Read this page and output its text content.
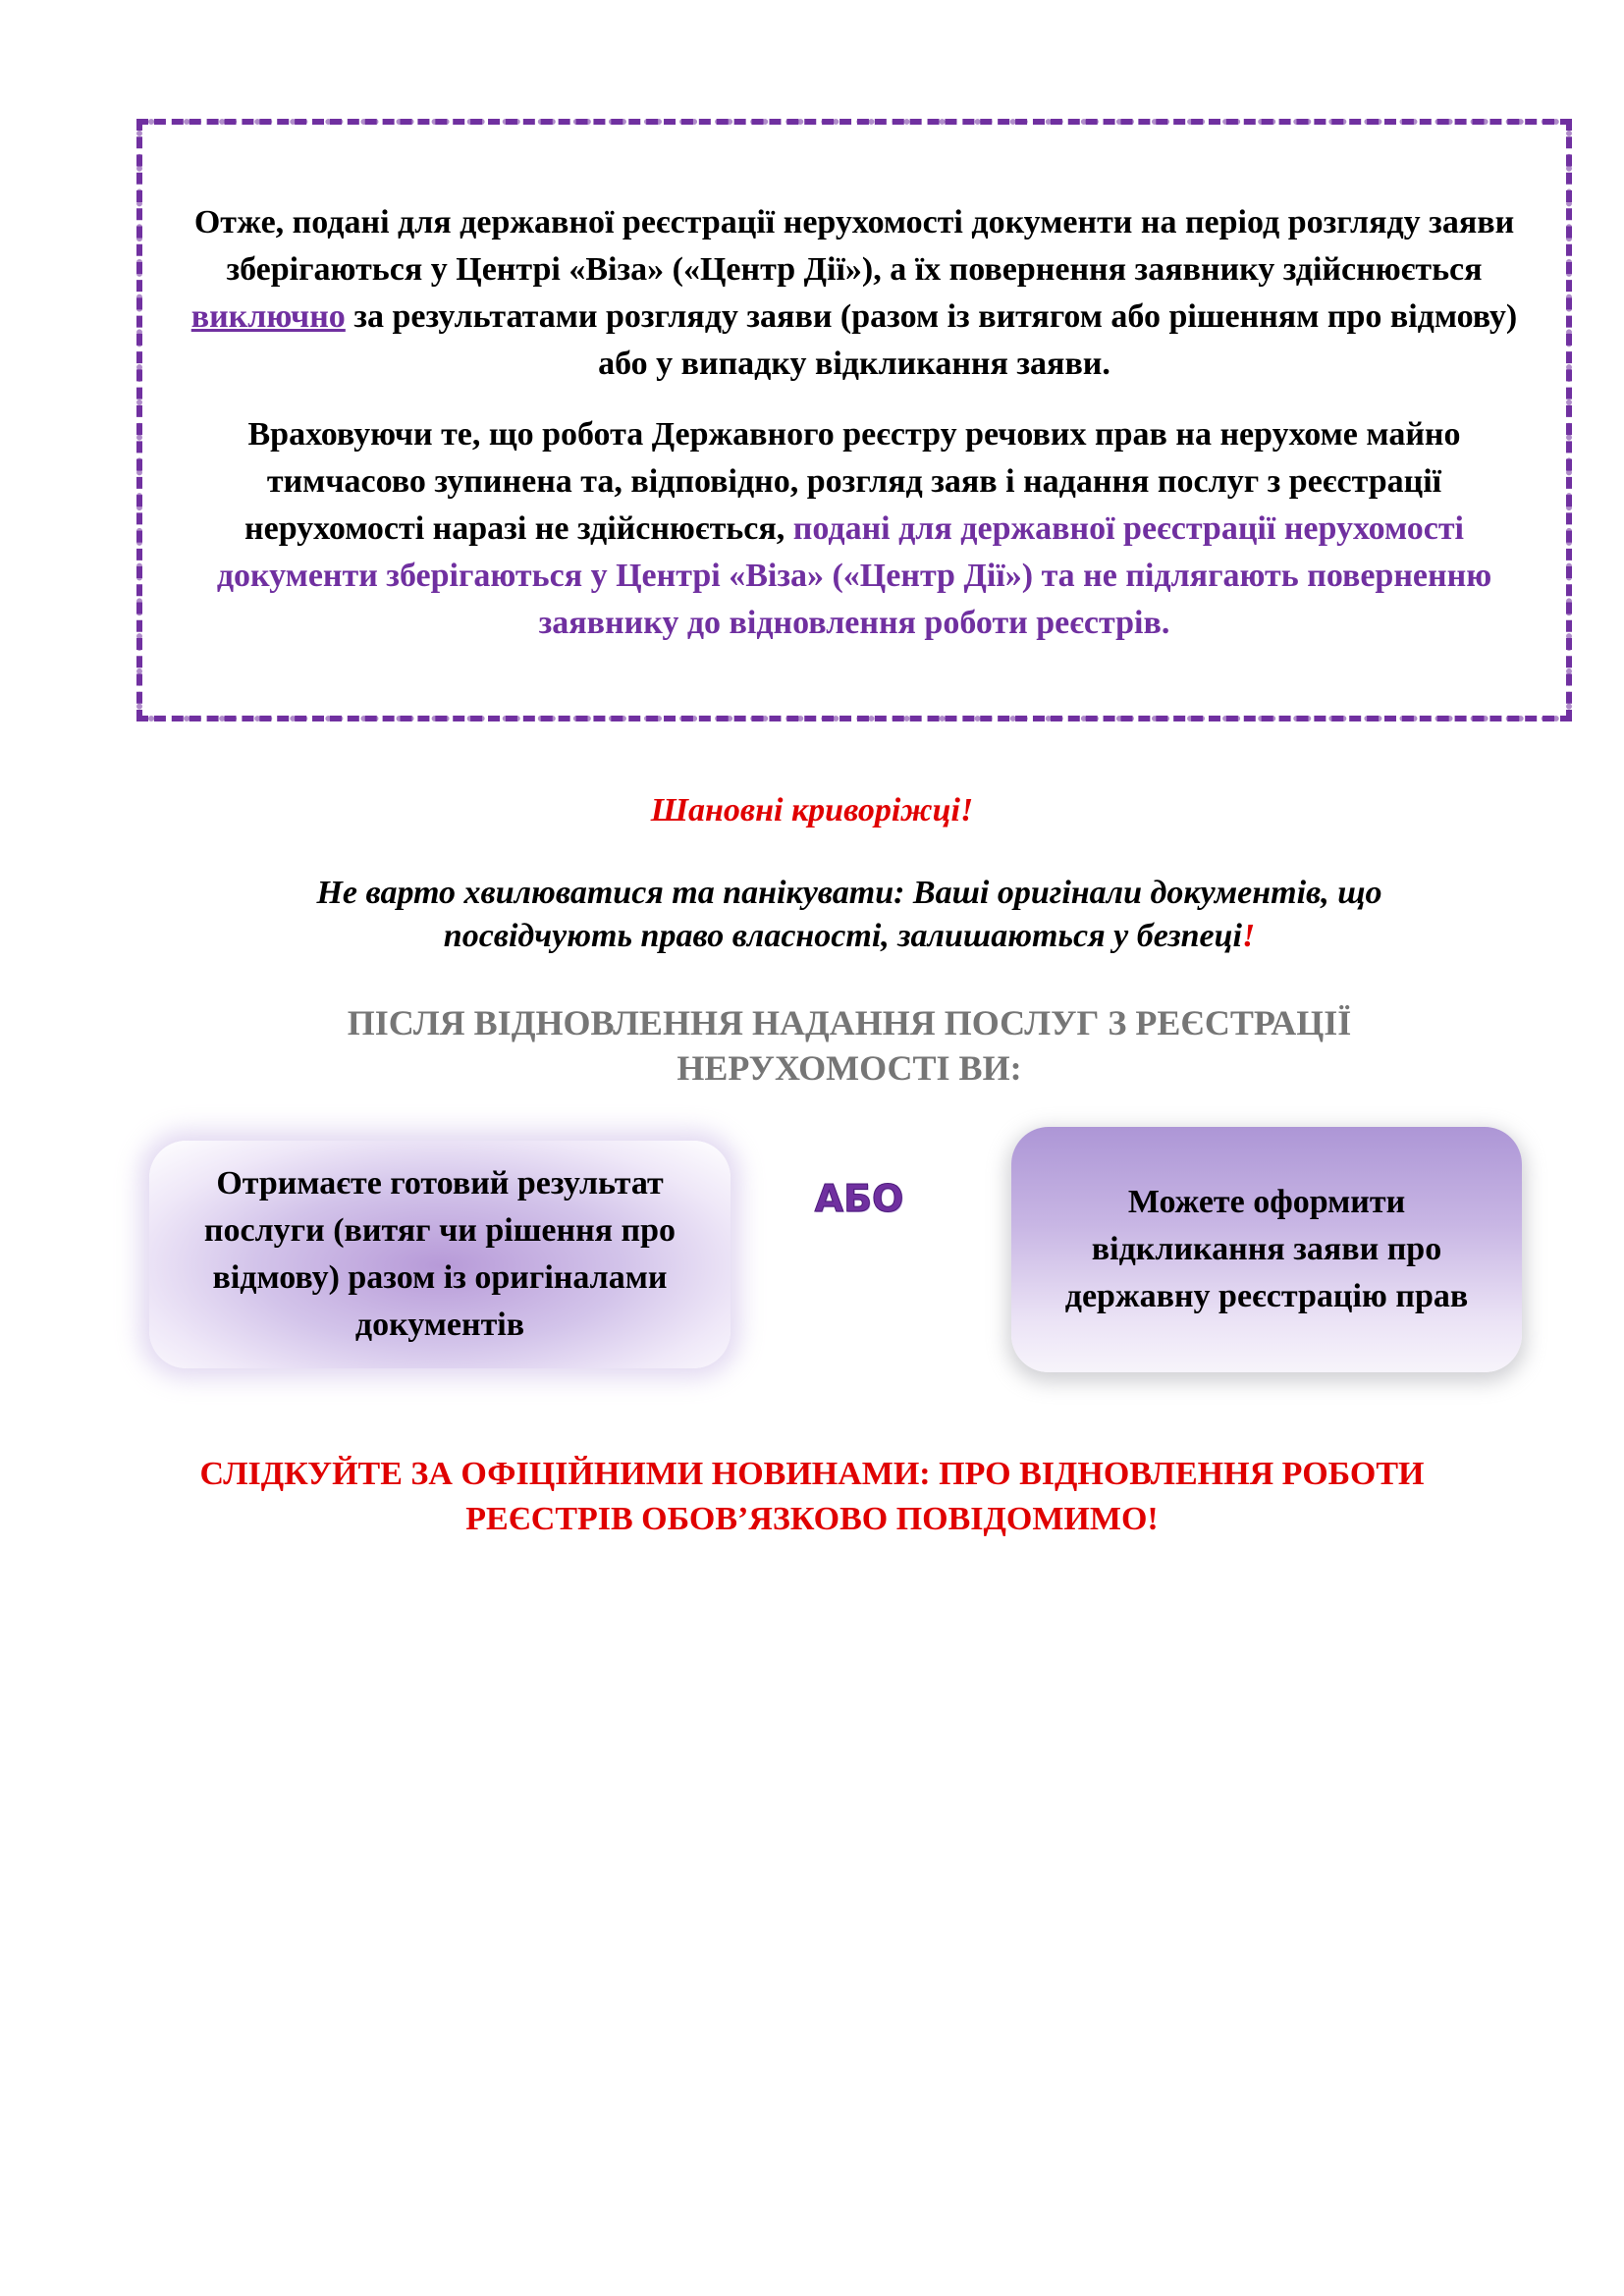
Отже, подані для державної реєстрації нерухомості документи на період розгляду заяви зберігаються у Центрі «Віза» («Центр Дії»), а їх повернення заявнику здійснюється виключно за результатами розгляду заяви (разом із витягом або рішенням про відмову) або у випадку відкликання заяви.

Враховуючи те, що робота Державного реєстру речових прав на нерухоме майно тимчасово зупинена та, відповідно, розгляд заяв і надання послуг з реєстрації нерухомості наразі не здійснюється, подані для державної реєстрації нерухомості документи зберігаються у Центрі «Віза» («Центр Дії») та не підлягають поверненню заявнику до відновлення роботи реєстрів.

Шановні криворіжці!

Не варто хвилюватися та панікувати: Ваші оригінали документів, що посвідчують право власності, залишаються у безпеці!

ПІСЛЯ ВІДНОВЛЕННЯ НАДАННЯ ПОСЛУГ З РЕЄСТРАЦІЇ НЕРУХОМОСТІ ВИ:

Отримаєте готовий результат послуги (витяг чи рішення про відмову) разом із оригіналами документів

АБО	Можете оформити відкликання заяви про державну реєстрацію прав

СЛІДКУЙТЕ ЗА ОФІЦІЙНИМИ НОВИНАМИ: ПРО ВІДНОВЛЕННЯ РОБОТИ РЕЄСТРІВ ОБОВ’ЯЗКОВО ПОВІДОМИМО!
